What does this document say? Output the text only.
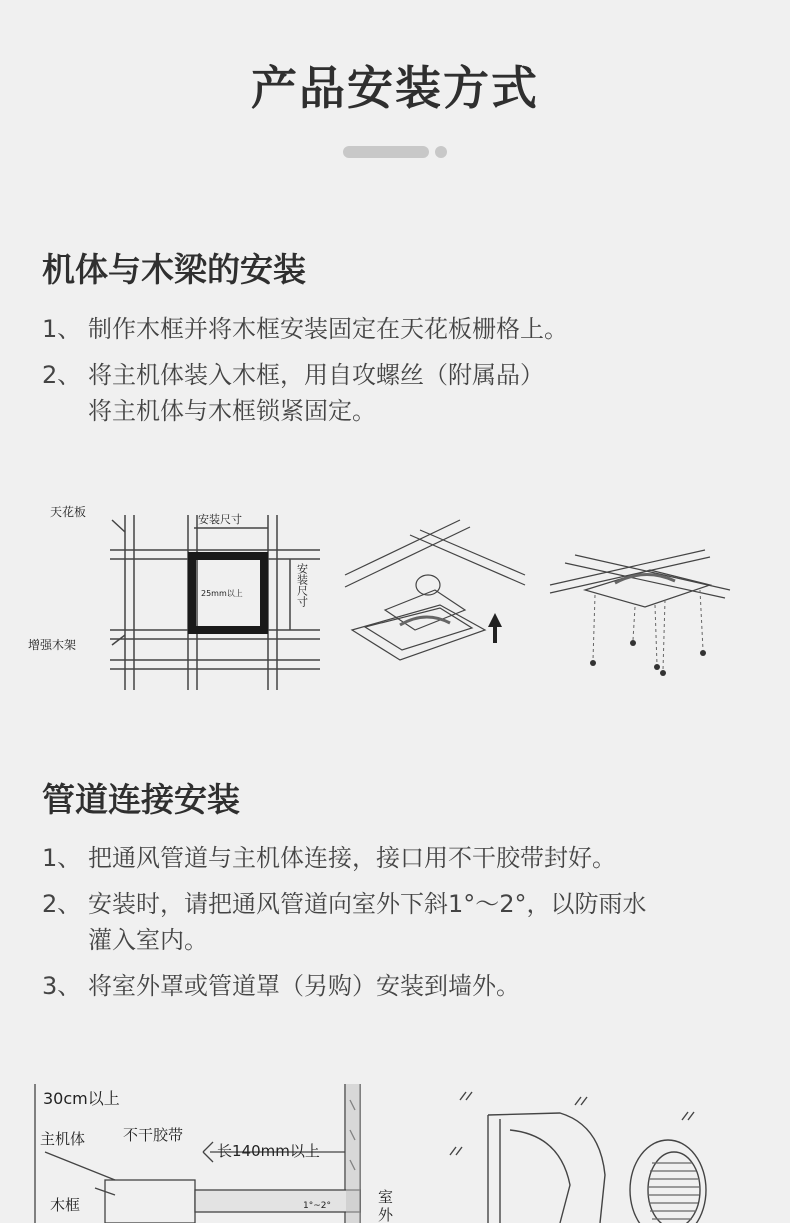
产品安装方式
机体与木梁的安装
1、 制作木框并将木框安装固定在天花板栅格上。
2、 将主机体装入木框，用自攻螺丝（附属品）
将主机体与木框锁紧固定。
天花板
增强木架
安装尺寸
安装尺寸
25mm以上
管道连接安装
1、 把通风管道与主机体连接，接口用不干胶带封好。
2、 安装时，请把通风管道向室外下斜1°～2°，以防雨水
灌入室内。
3、 将室外罩或管道罩（另购）安装到墙外。
30cm以上
主机体	不干胶带
长140mm以上
木框	1°~2°	室
外
